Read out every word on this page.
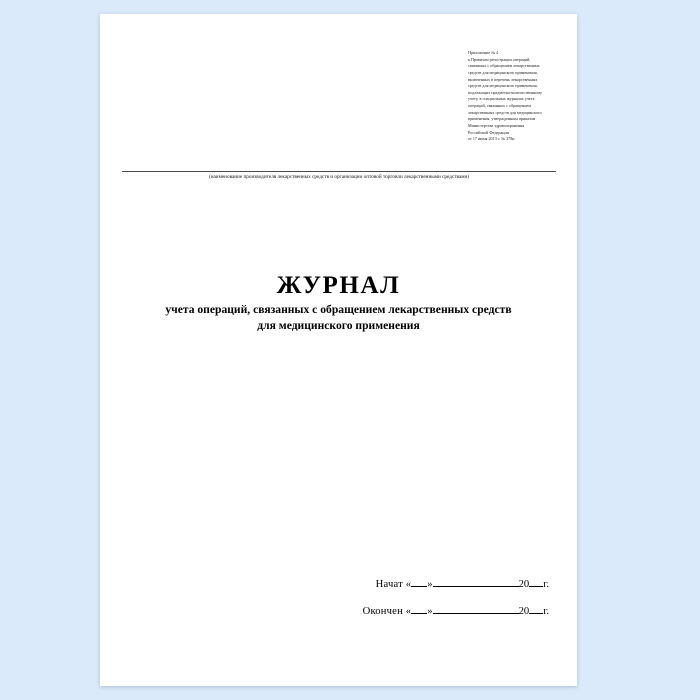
Приложение № 4
к Правилам регистрации операций,
связанных с обращением лекарственных
средств для медицинского применения,
включенных в перечень лекарственных
средств для медицинского применения,
подлежащих предметно-количественному
учету, в специальных журналах учета
операций, связанных с обращением
лекарственных средств для медицинского
применения, утвержденным приказом
Министерства здравоохранения
Российской Федерации
от 17 июня 2013 г. № 378н
(наименование производителя лекарственных средств и организации оптовой торговли лекарственными средствами)
ЖУРНАЛ
учета операций, связанных с обращением лекарственных средств
для медицинского применения
Начат « »	20 г.
Окончен « »	20 г.
